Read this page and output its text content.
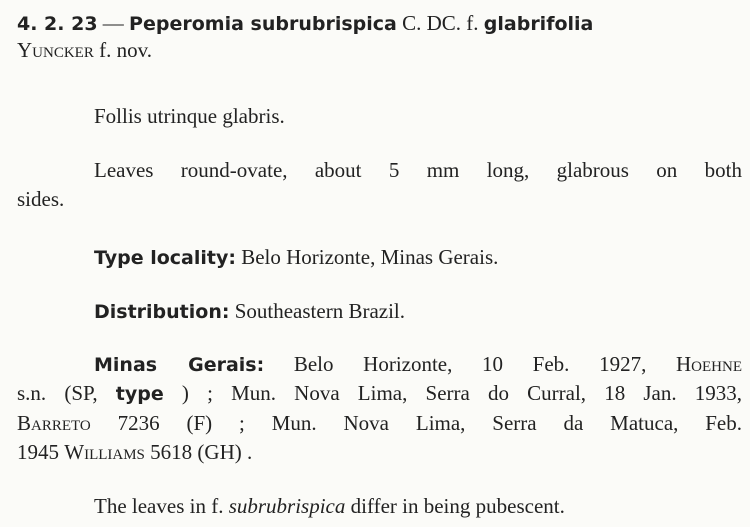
4. 2. 23 — Peperomia subrubrispica C. DC. f. glabrifolia
Yuncker f. nov.
Follis utrinque glabris.
Leaves round-ovate, about 5 mm long, glabrous on both
sides.
Type locality: Belo Horizonte, Minas Gerais.
Distribution: Southeastern Brazil.
Minas Gerais: Belo Horizonte, 10 Feb. 1927, Hoehne
s.n. (SP, type ) ; Mun. Nova Lima, Serra do Curral, 18 Jan. 1933,
Barreto 7236 (F) ; Mun. Nova Lima, Serra da Matuca, Feb.
1945 Williams 5618 (GH) .
The leaves in f. subrubrispica differ in being pubescent.
